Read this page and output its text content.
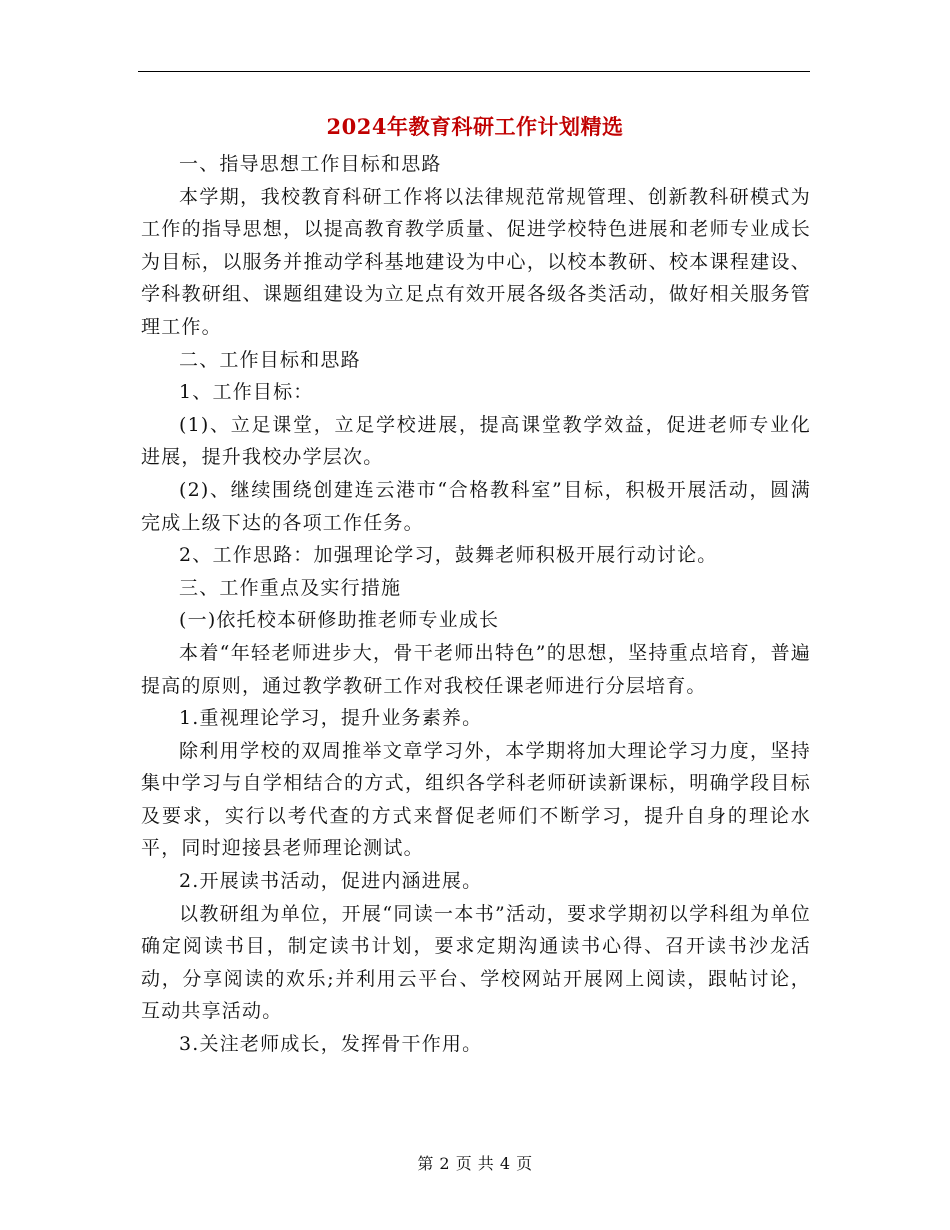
2024年教育科研工作计划精选

一、指导思想工作目标和思路

本学期，我校教育科研工作将以法律规范常规管理、创新教科研模式为工作的指导思想，以提高教育教学质量、促进学校特色进展和老师专业成长为目标，以服务并推动学科基地建设为中心，以校本教研、校本课程建设、学科教研组、课题组建设为立足点有效开展各级各类活动，做好相关服务管理工作。

二、工作目标和思路

1、工作目标：

(1)、立足课堂，立足学校进展，提高课堂教学效益，促进老师专业化进展，提升我校办学层次。

(2)、继续围绕创建连云港市“合格教科室”目标，积极开展活动，圆满完成上级下达的各项工作任务。

2、工作思路：加强理论学习，鼓舞老师积极开展行动讨论。

三、工作重点及实行措施

(一)依托校本研修助推老师专业成长

本着“年轻老师进步大，骨干老师出特色”的思想，坚持重点培育，普遍提高的原则，通过教学教研工作对我校任课老师进行分层培育。

1.重视理论学习，提升业务素养。

除利用学校的双周推举文章学习外，本学期将加大理论学习力度，坚持集中学习与自学相结合的方式，组织各学科老师研读新课标，明确学段目标及要求，实行以考代查的方式来督促老师们不断学习，提升自身的理论水平，同时迎接县老师理论测试。

2.开展读书活动，促进内涵进展。

以教研组为单位，开展“同读一本书”活动，要求学期初以学科组为单位确定阅读书目，制定读书计划，要求定期沟通读书心得、召开读书沙龙活动，分享阅读的欢乐;并利用云平台、学校网站开展网上阅读，跟帖讨论，互动共享活动。

3.关注老师成长，发挥骨干作用。

第 2 页 共 4 页
